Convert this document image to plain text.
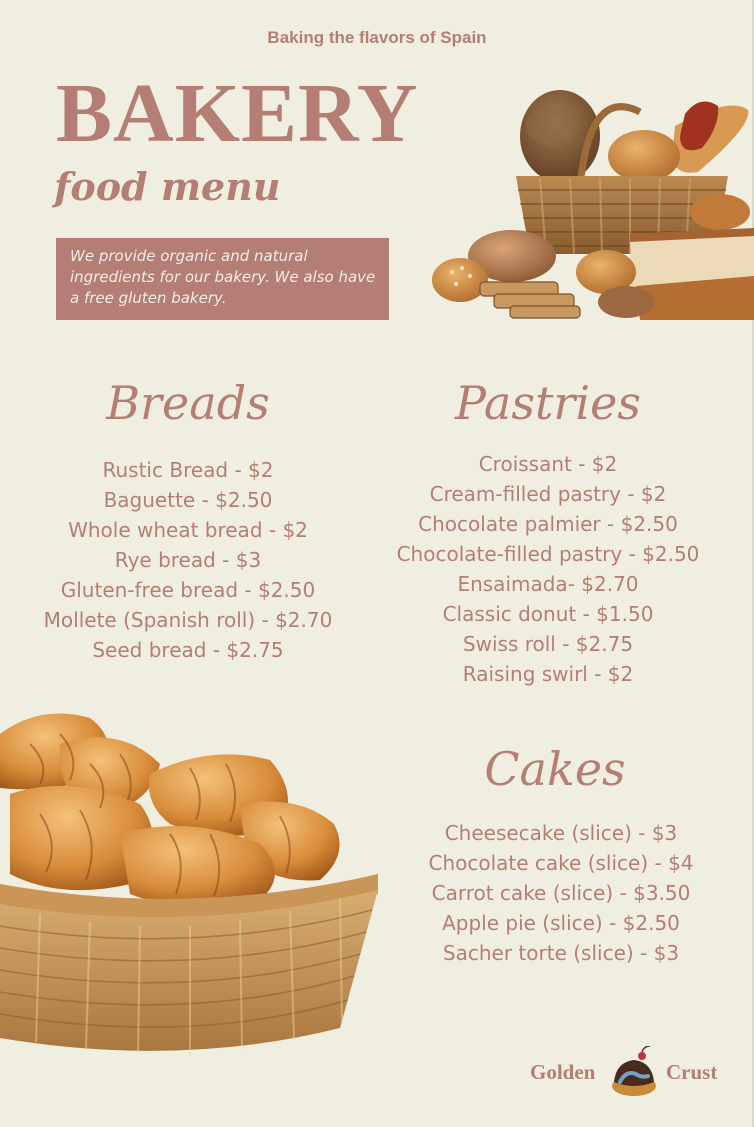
Baking the flavors of Spain
BAKERY
food menu
We provide organic and natural ingredients for our bakery. We also have a free gluten bakery.
Breads
Rustic Bread - $2
Baguette - $2.50
Whole wheat bread - $2
Rye bread - $3
Gluten-free bread - $2.50
Mollete (Spanish roll) - $2.70
Seed bread - $2.75
Pastries
Croissant - $2
Cream-filled pastry - $2
Chocolate palmier - $2.50
Chocolate-filled pastry - $2.50
Ensaimada- $2.70
Classic donut - $1.50
Swiss roll - $2.75
Raising swirl - $2
Cakes
Cheesecake (slice) - $3
Chocolate cake (slice) - $4
Carrot cake (slice) - $3.50
Apple pie (slice) - $2.50
Sacher torte (slice) - $3
Golden	Crust
